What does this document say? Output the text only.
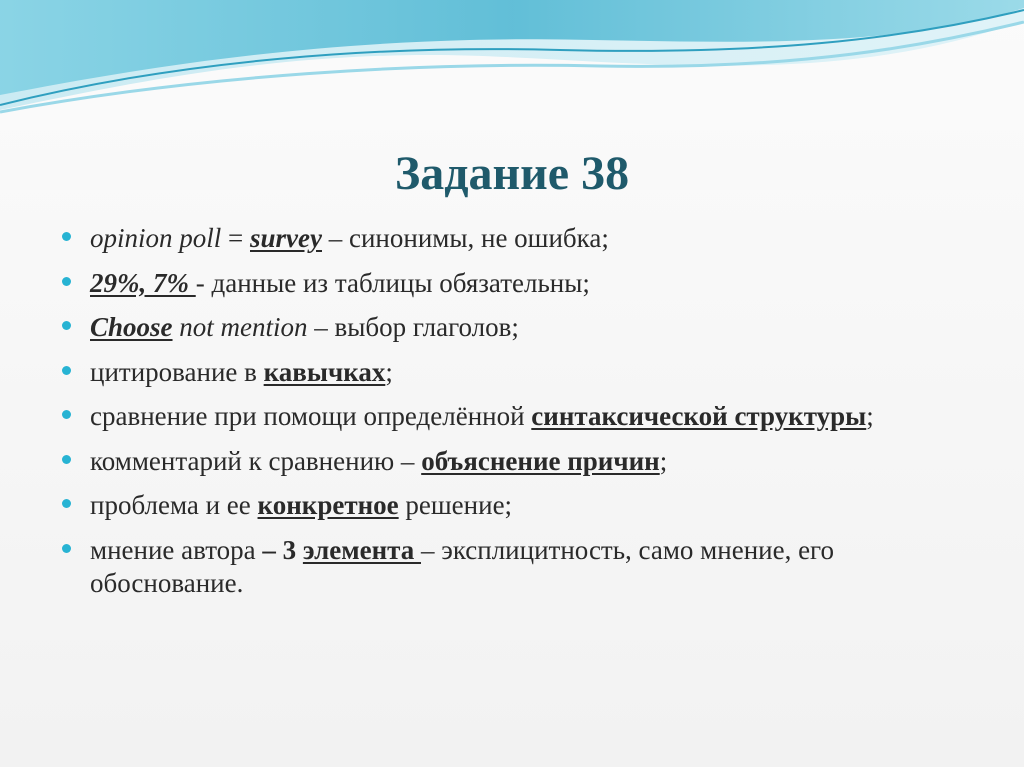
Задание 38
opinion poll = survey – синонимы, не ошибка;
29%, 7% - данные из таблицы обязательны;
Choose not mention – выбор глаголов;
цитирование в кавычках;
сравнение при помощи определённой синтаксической структуры;
комментарий к сравнению – объяснение причин;
проблема и ее конкретное решение;
мнение автора – 3 элемента – эксплицитность, само мнение, его обоснование.
